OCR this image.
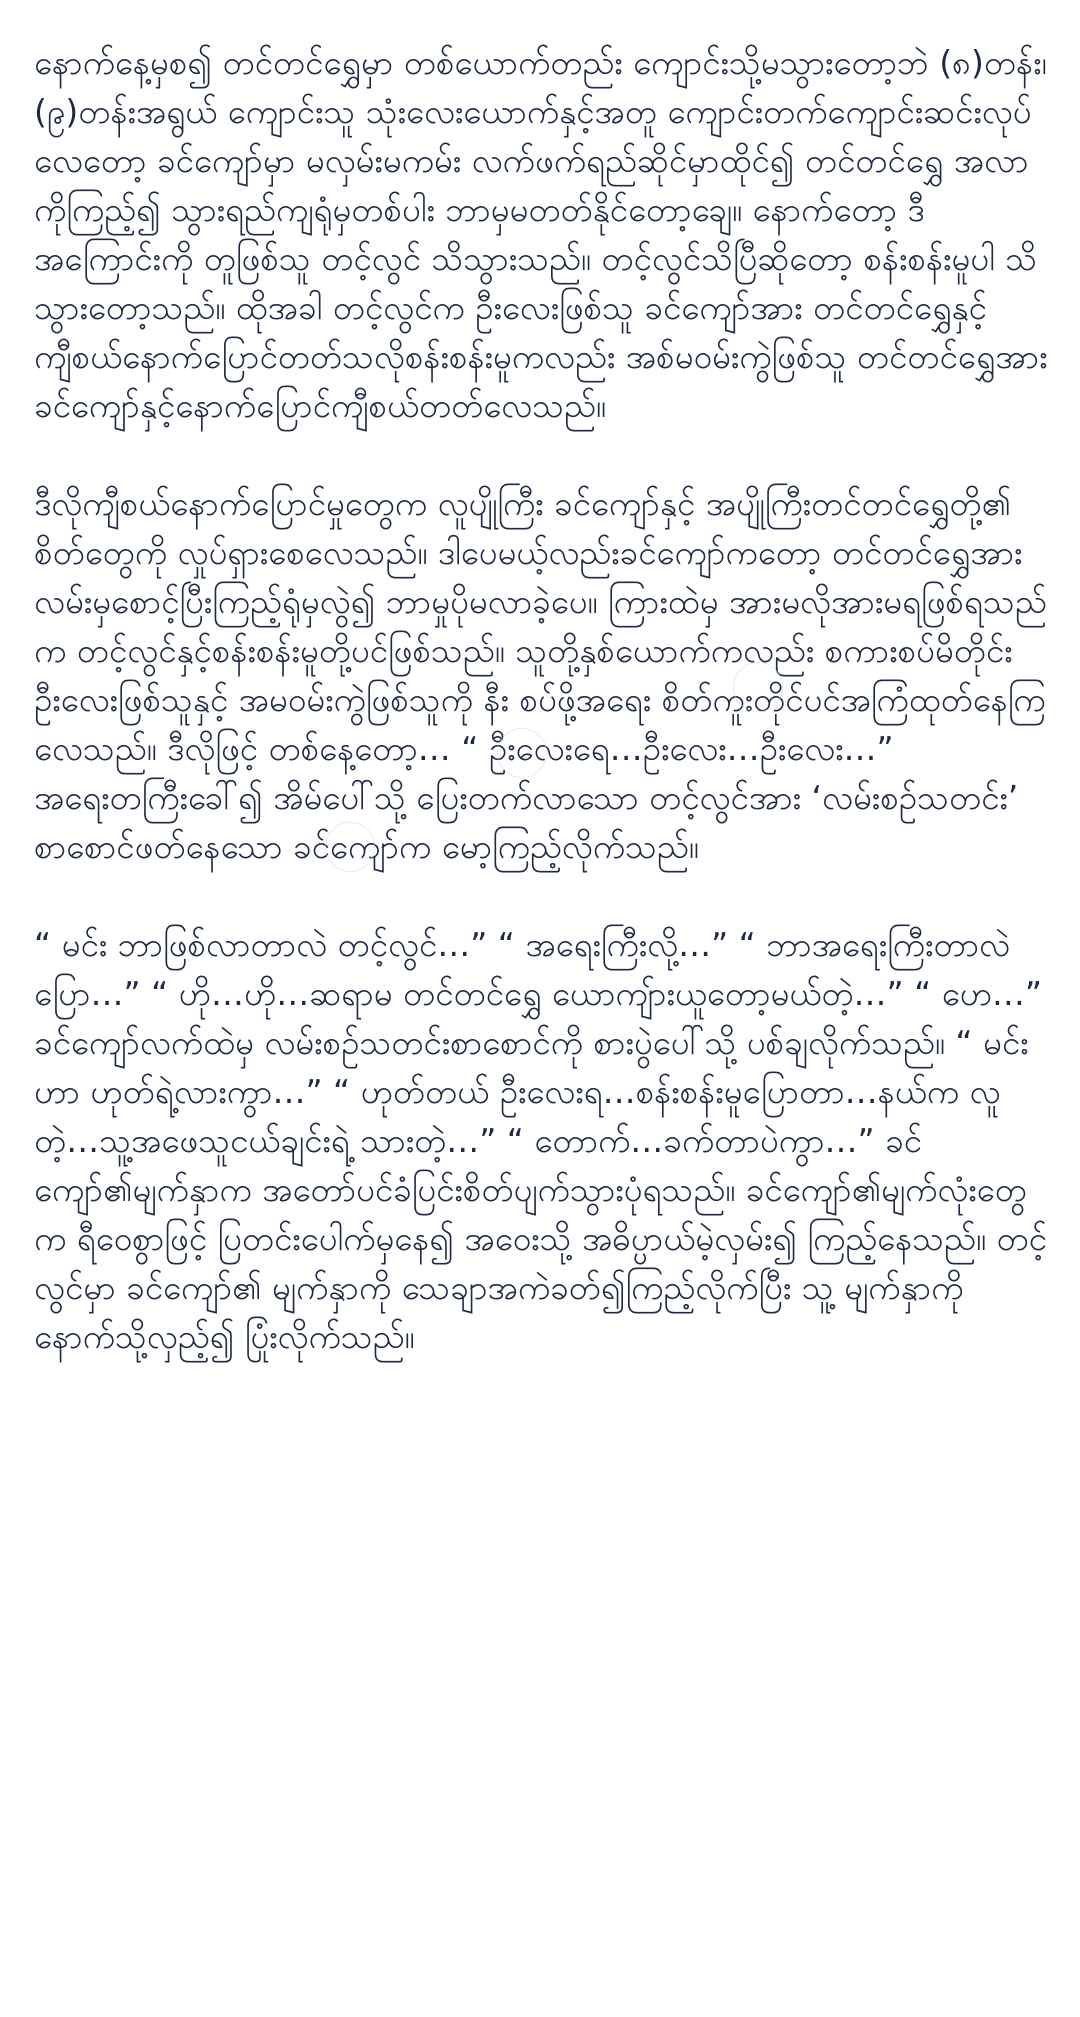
နောက်နေ့မှစ၍ တင်တင်ရွှေမှာ တစ်ယောက်တည်း ကျောင်းသို့မသွားတော့ဘဲ (၈)တန်း၊ (၉)တန်းအရွယ် ကျောင်းသူ သုံးလေးယောက်နှင့်အတူ ကျောင်းတက်ကျောင်းဆင်းလုပ်လေတော့ ခင်ကျော်မှာ မလှမ်းမကမ်း လက်ဖက်ရည်ဆိုင်မှာထိုင်၍ တင်တင်ရွှေ အလာကိုကြည့်၍ သွားရည်ကျရုံမှတစ်ပါး ဘာမှမတတ်နိုင်တော့ချေ။ နောက်တော့ ဒီအကြောင်းကို တူဖြစ်သူ တင့်လွင် သိသွားသည်။ တင့်လွင်သိပြီဆိုတော့ စန်းစန်းမူပါ သိသွားတော့သည်။ ထိုအခါ တင့်လွင်က ဦးလေးဖြစ်သူ ခင်ကျော်အား တင်တင်ရွှေနှင့် ကျီစယ်နောက်ပြောင်တတ်သလိုစန်းစန်းမူကလည်း အစ်မဝမ်းကွဲဖြစ်သူ တင်တင်ရွှေအား ခင်ကျော်နှင့်နောက်ပြောင်ကျီစယ်တတ်လေသည်။

ဒီလိုကျီစယ်နောက်ပြောင်မှုတွေက လူပျိုကြီး ခင်ကျော်နှင့် အပျိုကြီးတင်တင်ရွှေတို့၏ စိတ်တွေကို လှုပ်ရှားစေလေသည်။ ဒါပေမယ့်လည်းခင်ကျော်ကတော့ တင်တင်ရွှေအား လမ်းမှစောင့်ပြီးကြည့်ရုံမှလွဲ၍ ဘာမှုပိုမလာခဲ့ပေ။ ကြားထဲမှ အားမလိုအားမရဖြစ်ရသည်က တင့်လွင်နှင့်စန်းစန်းမူတို့ပင်ဖြစ်သည်။ သူတို့နှစ်ယောက်ကလည်း စကားစပ်မိတိုင်းဦးလေးဖြစ်သူနှင့် အမဝမ်းကွဲဖြစ်သူကို နီး စပ်ဖို့အရေး စိတ်ကူးတိုင်ပင်အကြံထုတ်နေကြလေသည်။ ဒီလိုဖြင့် တစ်နေ့တော့… “ ဦးလေးရေ…ဦးလေး…ဦးလေး…” အရေးတကြီးခေါ်၍ အိမ်ပေါ်သို့ ပြေးတက်လာသော တင့်လွင်အား ‘လမ်းစဉ်သတင်း’ စာစောင်ဖတ်နေသော ခင်ကျော်က မော့ကြည့်လိုက်သည်။

“ မင်း ဘာဖြစ်လာတာလဲ တင့်လွင်…” “ အရေးကြီးလို့…” “ ဘာအရေးကြီးတာလဲ ပြော…” “ ဟို…ဟို…ဆရာမ တင်တင်ရွှေ ယောကျ်ားယူတော့မယ်တဲ့…” “ ဟေ…” ခင်ကျော်လက်ထဲမှ လမ်းစဉ်သတင်းစာစောင်ကို စားပွဲပေါ်သို့ ပစ်ချလိုက်သည်။ “ မင်းဟာ ဟုတ်ရဲ့လားကွာ…” “ ဟုတ်တယ် ဦးလေးရ…စန်းစန်းမူပြောတာ…နယ်က လူတဲ့…သူ့အဖေသူငယ်ချင်းရဲ့ သားတဲ့…” “ တောက်…ခက်တာပဲကွာ…” ခင်ကျော်၏မျက်နှာက အတော်ပင်ခံပြင်းစိတ်ပျက်သွားပုံရသည်။ ခင်ကျော်၏မျက်လုံးတွေက ရီဝေစွာဖြင့် ပြတင်းပေါက်မှနေ၍ အဝေးသို့ အဓိပ္ပာယ်မဲ့လှမ်း၍ ကြည့်နေသည်။ တင့်လွင်မှာ ခင်ကျော်၏ မျက်နှာကို သေချာအကဲခတ်၍ကြည့်လိုက်ပြီး သူ့ မျက်နှာကို နောက်သို့လှည့်၍ ပြုံးလိုက်သည်။
